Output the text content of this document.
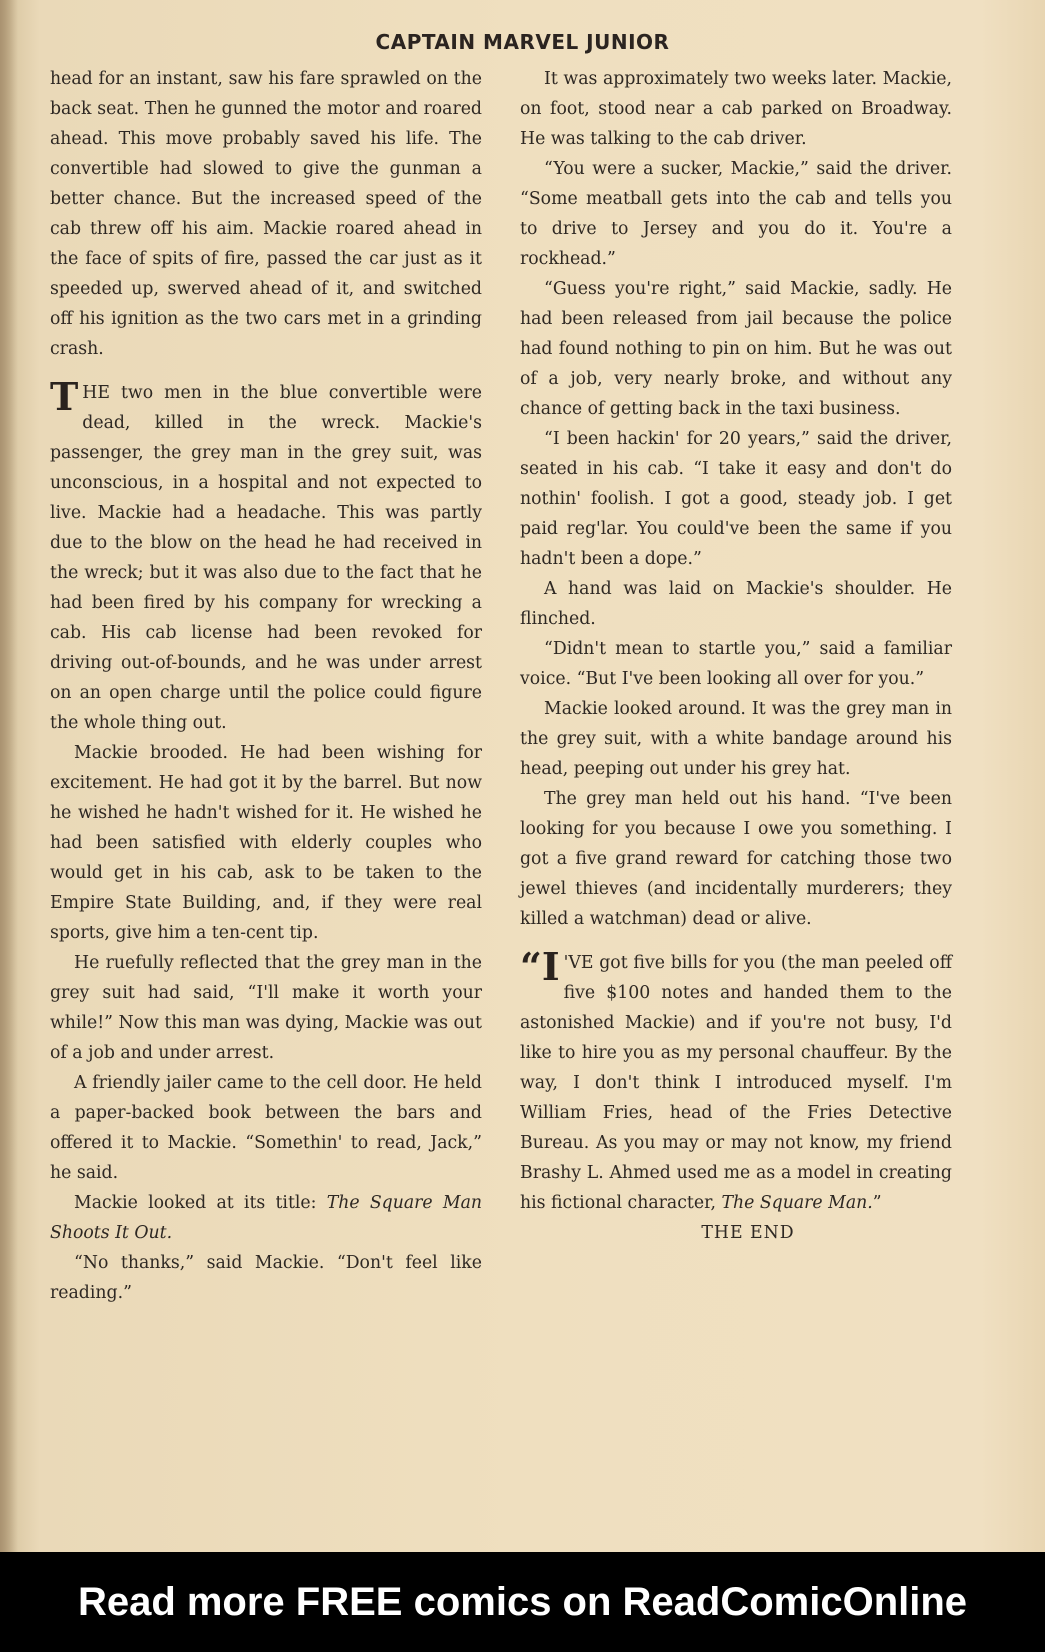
CAPTAIN MARVEL JUNIOR

head for an instant, saw his fare sprawled on the back seat. Then he gunned the motor and roared ahead. This move probably saved his life. The convertible had slowed to give the gunman a better chance. But the increased speed of the cab threw off his aim. Mackie roared ahead in the face of spits of fire, passed the car just as it speeded up, swerved ahead of it, and switched off his ignition as the two cars met in a grinding crash.

THE two men in the blue convertible were dead, killed in the wreck. Mackie's passenger, the grey man in the grey suit, was unconscious, in a hospital and not expected to live. Mackie had a headache. This was partly due to the blow on the head he had received in the wreck; but it was also due to the fact that he had been fired by his company for wrecking a cab. His cab license had been revoked for driving out-of-bounds, and he was under arrest on an open charge until the police could figure the whole thing out.

Mackie brooded. He had been wishing for excitement. He had got it by the barrel. But now he wished he hadn't wished for it. He wished he had been satisfied with elderly couples who would get in his cab, ask to be taken to the Empire State Building, and, if they were real sports, give him a ten-cent tip.

He ruefully reflected that the grey man in the grey suit had said, “I'll make it worth your while!” Now this man was dying, Mackie was out of a job and under arrest.

A friendly jailer came to the cell door. He held a paper-backed book between the bars and offered it to Mackie. “Somethin' to read, Jack,” he said.

Mackie looked at its title: The Square Man Shoots It Out.

“No thanks,” said Mackie. “Don't feel like reading.”

It was approximately two weeks later. Mackie, on foot, stood near a cab parked on Broadway. He was talking to the cab driver.

“You were a sucker, Mackie,” said the driver. “Some meatball gets into the cab and tells you to drive to Jersey and you do it. You're a rockhead.”

“Guess you're right,” said Mackie, sadly. He had been released from jail because the police had found nothing to pin on him. But he was out of a job, very nearly broke, and without any chance of getting back in the taxi business.

“I been hackin' for 20 years,” said the driver, seated in his cab. “I take it easy and don't do nothin' foolish. I got a good, steady job. I get paid reg'lar. You could've been the same if you hadn't been a dope.”

A hand was laid on Mackie's shoulder. He flinched.

“Didn't mean to startle you,” said a familiar voice. “But I've been looking all over for you.”

Mackie looked around. It was the grey man in the grey suit, with a white bandage around his head, peeping out under his grey hat.

The grey man held out his hand. “I've been looking for you because I owe you something. I got a five grand reward for catching those two jewel thieves (and incidentally murderers; they killed a watchman) dead or alive.

“I 'VE got five bills for you (the man peeled off five $100 notes and handed them to the astonished Mackie) and if you're not busy, I'd like to hire you as my personal chauffeur. By the way, I don't think I introduced myself. I'm William Fries, head of the Fries Detective Bureau. As you may or may not know, my friend Brashy L. Ahmed used me as a model in creating his fictional character, The Square Man.”

THE END

Read more FREE comics on ReadComicOnline
